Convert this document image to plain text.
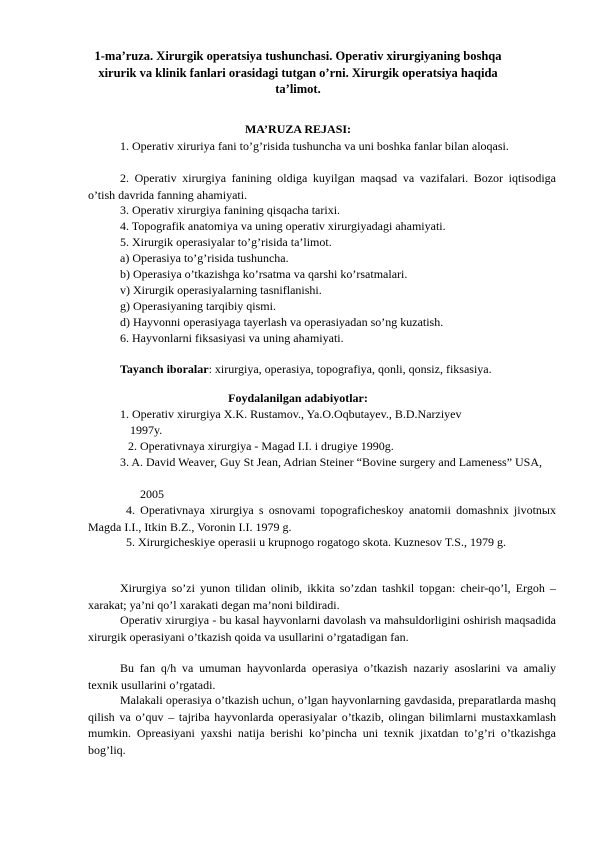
1-ma’ruza. Xirurgik operatsiya tushunchasi. Operativ xirurgiyaning boshqa xirurik va klinik fanlari orasidagi tutgan o’rni. Xirurgik operatsiya haqida ta’limot.
MA’RUZA REJASI:
1. Operativ xiruriya fani to’g’risida tushuncha va uni boshka fanlar bilan aloqasi.
2. Operativ xirurgiya fanining oldiga kuyilgan maqsad va vazifalari. Bozor iqtisodiga o’tish davrida fanning ahamiyati.
3. Operativ xirurgiya fanining qisqacha tarixi.
4. Topografik anatomiya va uning operativ xirurgiyadagi ahamiyati.
5. Xirurgik operasiyalar to’g’risida ta’limot.
a) Operasiya to’g’risida tushuncha.
b) Operasiya o’tkazishga ko’rsatma va qarshi ko’rsatmalari.
v) Xirurgik operasiyalarning tasniflanishi.
g) Operasiyaning tarqibiy qismi.
d) Hayvonni operasiyaga tayerlash va operasiyadan so’ng kuzatish.
6. Hayvonlarni fiksasiyasi va uning ahamiyati.
Tayanch iboralar: xirurgiya, operasiya, topografiya, qonli, qonsiz, fiksasiya.
Foydalanilgan adabiyotlar:
1. Operativ xirurgiya X.K. Rustamov., Ya.O.Oqbutayev., B.D.Narziyev
1997y.
2. Operativnaya xirurgiya - Magad I.I. i drugiye 1990g.
3. A. David Weaver, Guy St Jean, Adrian Steiner “Bovine surgery and Lameness” USA,
2005
4. Operativnaya xirurgiya s osnovami topograficheskoy anatomii domashnix jivotnых Magda I.I., Itkin B.Z., Voronin I.I. 1979 g.
5. Xirurgicheskiye operasii u krupnogo rogatogo skota. Kuznesov T.S., 1979 g.
Xirurgiya so’zi yunon tilidan olinib, ikkita so’zdan tashkil topgan: cheir-qo’l, Ergoh – xarakat; ya’ni qo’l xarakati degan ma’noni bildiradi.
Operativ xirurgiya - bu kasal hayvonlarni davolash va mahsuldorligini oshirish maqsadida xirurgik operasiyani o’tkazish qoida va usullarini o’rgatadigan fan.
Bu fan q/h va umuman hayvonlarda operasiya o’tkazish nazariy asoslarini va amaliy texnik usullarini o’rgatadi.
Malakali operasiya o’tkazish uchun, o’lgan hayvonlarning gavdasida, preparatlarda mashq qilish va o’quv – tajriba hayvonlarda operasiyalar o’tkazib, olingan bilimlarni mustaxkamlash mumkin. Opreasiyani yaxshi natija berishi ko’pincha uni texnik jixatdan to’g’ri o’tkazishga bog’liq.
